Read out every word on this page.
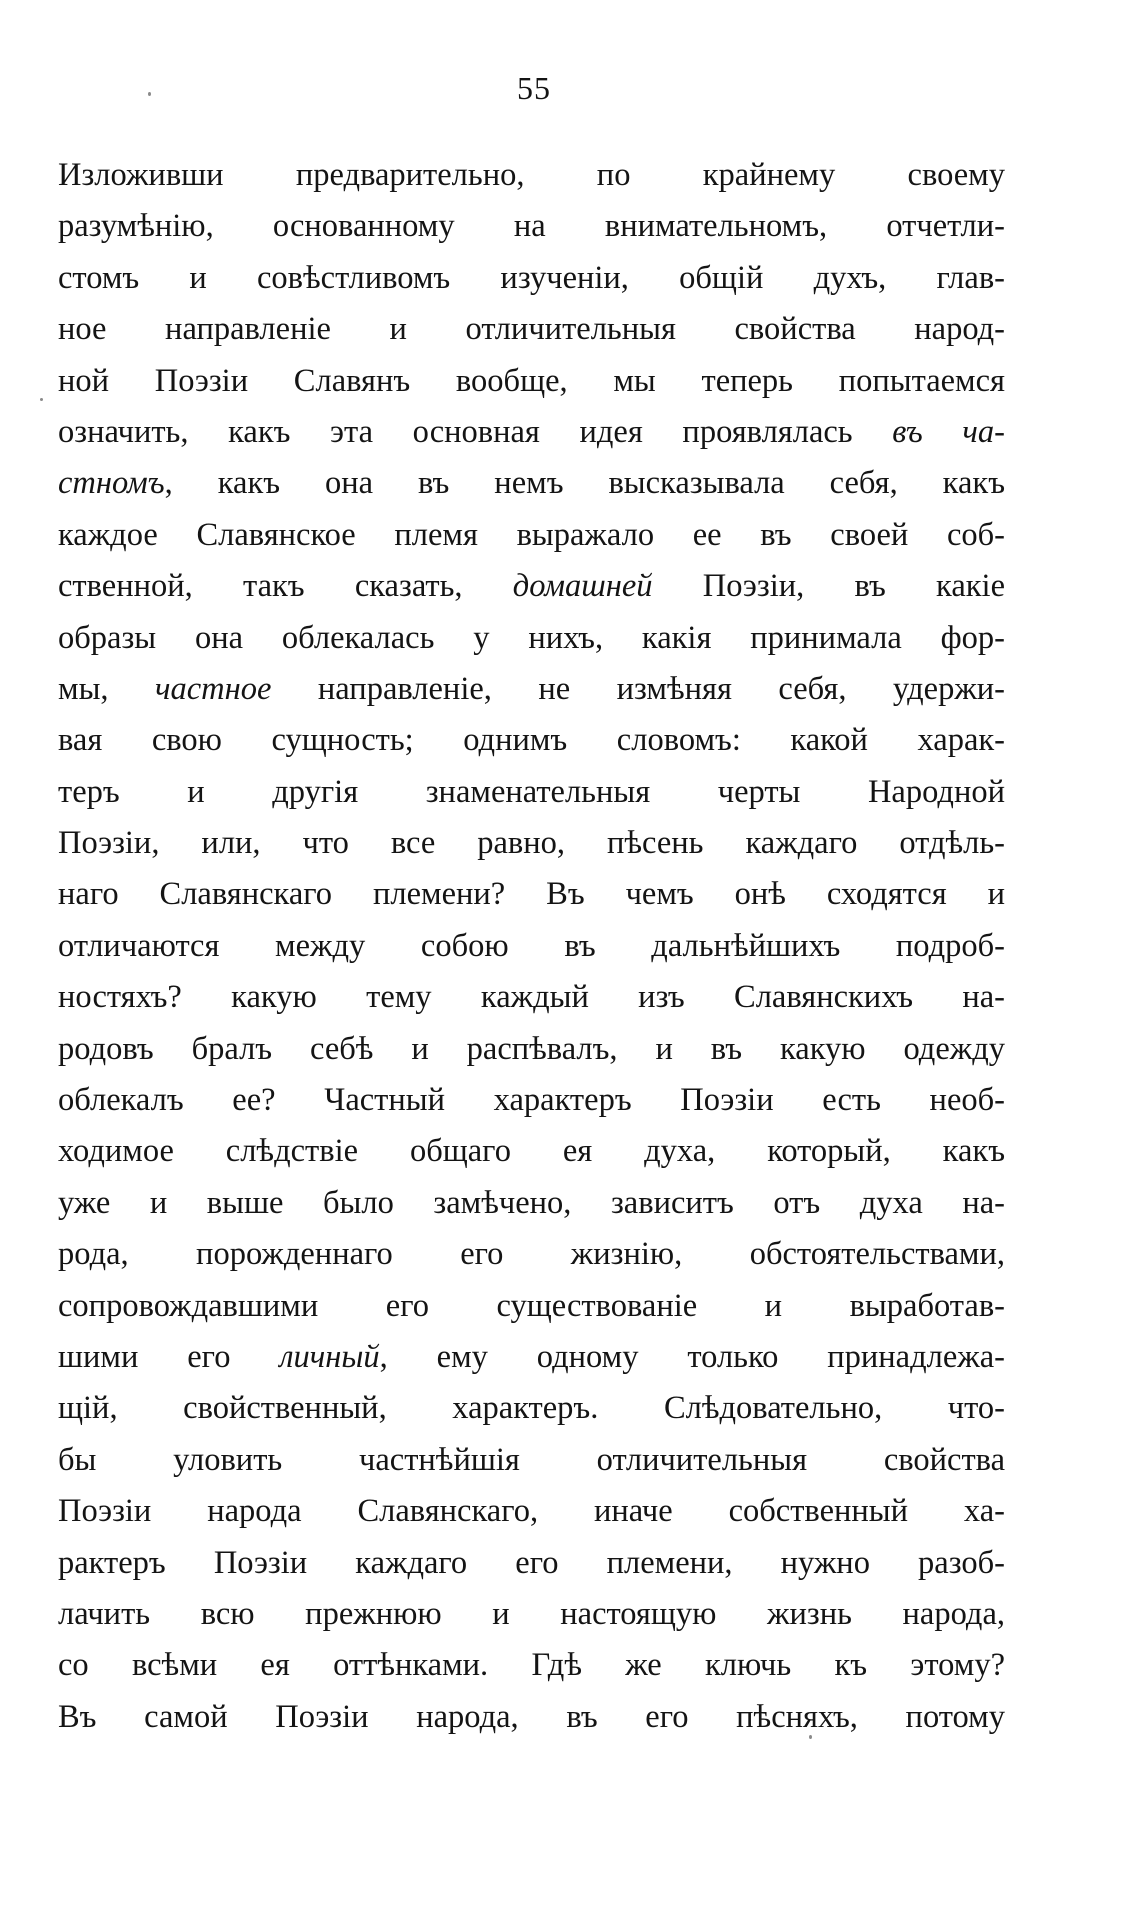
55
Изложивши предварительно, по крайнему своему
разумѣнію, основанному на внимательномъ, отчетли-
стомъ и совѣстливомъ изученіи, общій духъ, глав-
ное направленіе и отличительныя свойства народ-
ной Поэзіи Славянъ вообще, мы теперь попытаемся
означить, какъ эта основная идея проявлялась въ ча-
стномъ, какъ она въ немъ высказывала себя, какъ
каждое Славянское племя выражало ее въ своей соб-
ственной, такъ сказать, домашней Поэзіи, въ какіе
образы она облекалась у нихъ, какія принимала фор-
мы, частное направленіе, не измѣняя себя, удержи-
вая свою сущность; однимъ словомъ: какой харак-
теръ и другія знаменательныя черты Народной
Поэзіи, или, что все равно, пѣсень каждаго отдѣль-
наго Славянскаго племени? Въ чемъ онѣ сходятся и
отличаются между собою въ дальнѣйшихъ подроб-
ностяхъ? какую тему каждый изъ Славянскихъ на-
родовъ бралъ себѣ и распѣвалъ, и въ какую одежду
облекалъ ее? Частный характеръ Поэзіи есть необ-
ходимое слѣдствіе общаго ея духа, который, какъ
уже и выше было замѣчено, зависитъ отъ духа на-
рода, порожденнаго его жизнію, обстоятельствами,
сопровождавшими его существованіе и выработав-
шими его личный, ему одному только принадлежа-
щій, свойственный, характеръ. Слѣдовательно, что-
бы уловить частнѣйшія отличительныя свойства
Поэзіи народа Славянскаго, иначе собственный ха-
рактеръ Поэзіи каждаго его племени, нужно разоб-
лачить всю прежнюю и настоящую жизнь народа,
со всѣми ея оттѣнками. Гдѣ же ключь къ этому?
Въ самой Поэзіи народа, въ его пѣсняхъ, потому
